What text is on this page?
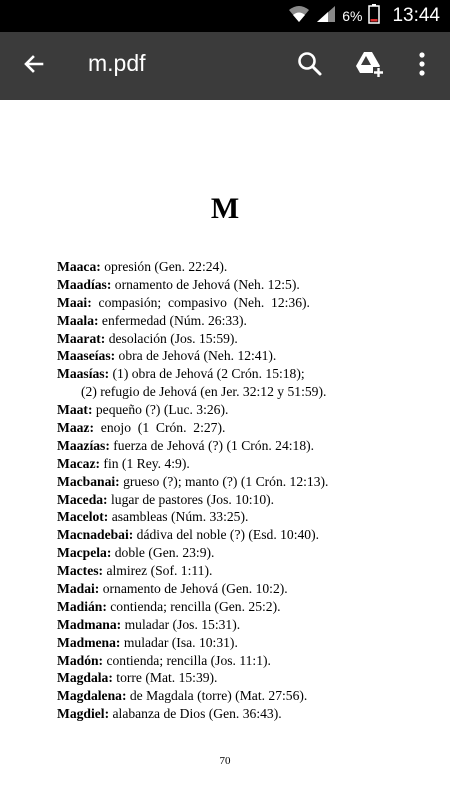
6% 13:44
m.pdf
M
Maaca: opresión (Gen. 22:24).
Maadías: ornamento de Jehová (Neh. 12:5).
Maai:  compasión;  compasivo  (Neh.  12:36).
Maala: enfermedad (Núm. 26:33).
Maarat: desolación (Jos. 15:59).
Maaseías: obra de Jehová (Neh. 12:41).
Maasías: (1) obra de Jehová (2 Crón. 15:18);
(2) refugio de Jehová (en Jer. 32:12 y 51:59).
Maat: pequeño (?) (Luc. 3:26).
Maaz:  enojo  (1  Crón.  2:27).
Maazías: fuerza de Jehová (?) (1 Crón. 24:18).
Macaz: fin (1 Rey. 4:9).
Macbanai: grueso (?); manto (?) (1 Crón. 12:13).
Maceda: lugar de pastores (Jos. 10:10).
Macelot: asambleas (Núm. 33:25).
Macnadebai: dádiva del noble (?) (Esd. 10:40).
Macpela: doble (Gen. 23:9).
Mactes: almirez (Sof. 1:11).
Madai: ornamento de Jehová (Gen. 10:2).
Madián: contienda; rencilla (Gen. 25:2).
Madmana: muladar (Jos. 15:31).
Madmena: muladar (Isa. 10:31).
Madón: contienda; rencilla (Jos. 11:1).
Magdala: torre (Mat. 15:39).
Magdalena: de Magdala (torre) (Mat. 27:56).
Magdiel: alabanza de Dios (Gen. 36:43).
70
